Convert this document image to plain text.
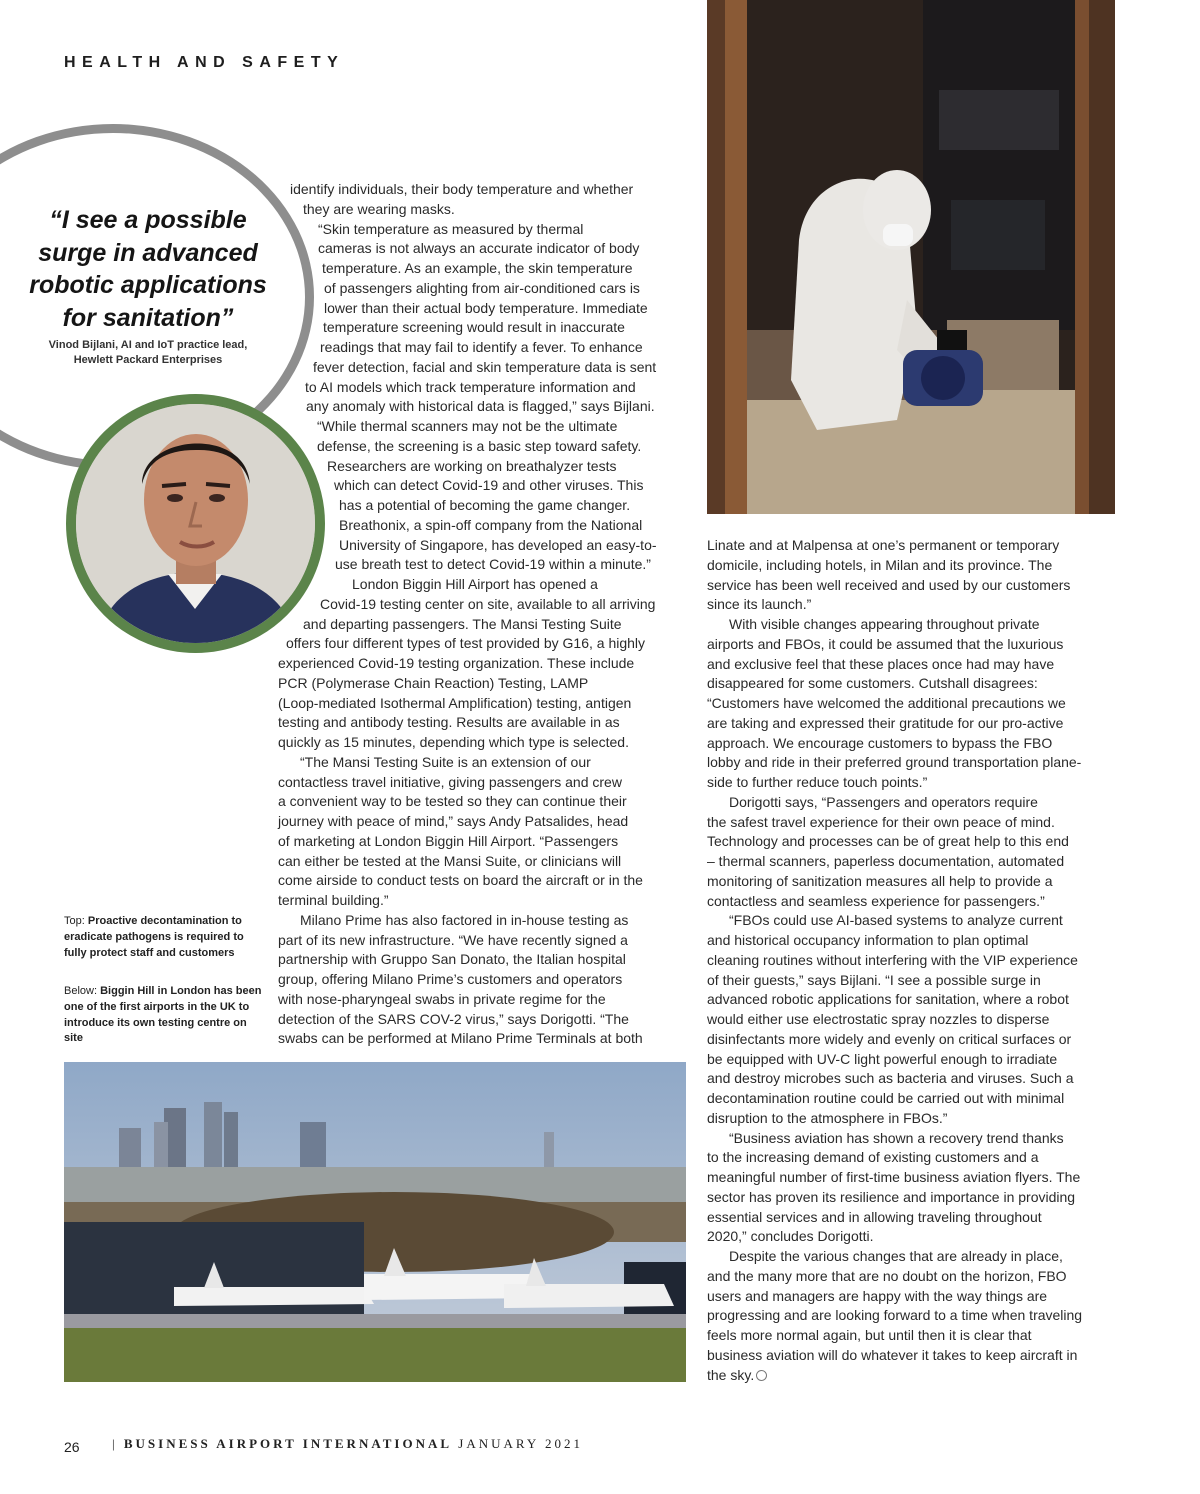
HEALTH AND SAFETY
“I see a possible
surge in advanced
robotic applications
for sanitation”
Vinod Bijlani, AI and IoT practice lead,
Hewlett Packard Enterprises
identify individuals, their body temperature and whether
they are wearing masks.
“Skin temperature as measured by thermal
cameras is not always an accurate indicator of body
temperature. As an example, the skin temperature
of passengers alighting from air-conditioned cars is
lower than their actual body temperature. Immediate
temperature screening would result in inaccurate
readings that may fail to identify a fever. To enhance
fever detection, facial and skin temperature data is sent
to AI models which track temperature information and
any anomaly with historical data is flagged,” says Bijlani.
“While thermal scanners may not be the ultimate
defense, the screening is a basic step toward safety.
Researchers are working on breathalyzer tests
which can detect Covid-19 and other viruses. This
has a potential of becoming the game changer.
Breathonix, a spin-off company from the National
University of Singapore, has developed an easy-to-
use breath test to detect Covid-19 within a minute.”
London Biggin Hill Airport has opened a
Covid-19 testing center on site, available to all arriving
and departing passengers. The Mansi Testing Suite
offers four different types of test provided by G16, a highly
experienced Covid-19 testing organization. These include
PCR (Polymerase Chain Reaction) Testing, LAMP
(Loop-mediated Isothermal Amplification) testing, antigen
testing and antibody testing. Results are available in as
quickly as 15 minutes, depending which type is selected.
“The Mansi Testing Suite is an extension of our
contactless travel initiative, giving passengers and crew
a convenient way to be tested so they can continue their
journey with peace of mind,” says Andy Patsalides, head
of marketing at London Biggin Hill Airport. “Passengers
can either be tested at the Mansi Suite, or clinicians will
come airside to conduct tests on board the aircraft or in the
terminal building.”
Milano Prime has also factored in in-house testing as
part of its new infrastructure. “We have recently signed a
partnership with Gruppo San Donato, the Italian hospital
group, offering Milano Prime’s customers and operators
with nose-pharyngeal swabs in private regime for the
detection of the SARS COV-2 virus,” says Dorigotti. “The
swabs can be performed at Milano Prime Terminals at both
Linate and at Malpensa at one’s permanent or temporary
domicile, including hotels, in Milan and its province. The
service has been well received and used by our customers
since its launch.”
With visible changes appearing throughout private
airports and FBOs, it could be assumed that the luxurious
and exclusive feel that these places once had may have
disappeared for some customers. Cutshall disagrees:
“Customers have welcomed the additional precautions we
are taking and expressed their gratitude for our pro-active
approach. We encourage customers to bypass the FBO
lobby and ride in their preferred ground transportation plane-
side to further reduce touch points.”
Dorigotti says, “Passengers and operators require
the safest travel experience for their own peace of mind.
Technology and processes can be of great help to this end
– thermal scanners, paperless documentation, automated
monitoring of sanitization measures all help to provide a
contactless and seamless experience for passengers.”
“FBOs could use AI-based systems to analyze current
and historical occupancy information to plan optimal
cleaning routines without interfering with the VIP experience
of their guests,” says Bijlani. “I see a possible surge in
advanced robotic applications for sanitation, where a robot
would either use electrostatic spray nozzles to disperse
disinfectants more widely and evenly on critical surfaces or
be equipped with UV-C light powerful enough to irradiate
and destroy microbes such as bacteria and viruses. Such a
decontamination routine could be carried out with minimal
disruption to the atmosphere in FBOs.”
“Business aviation has shown a recovery trend thanks
to the increasing demand of existing customers and a
meaningful number of first-time business aviation flyers. The
sector has proven its resilience and importance in providing
essential services and in allowing traveling throughout
2020,” concludes Dorigotti.
Despite the various changes that are already in place,
and the many more that are no doubt on the horizon, FBO
users and managers are happy with the way things are
progressing and are looking forward to a time when traveling
feels more normal again, but until then it is clear that
business aviation will do whatever it takes to keep aircraft in
the sky.
Top: Proactive decontamination to eradicate pathogens is required to fully protect staff and customers
Below: Biggin Hill in London has been one of the first airports in the UK to introduce its own testing centre on site
26 | BUSINESS AIRPORT INTERNATIONAL JANUARY 2021
